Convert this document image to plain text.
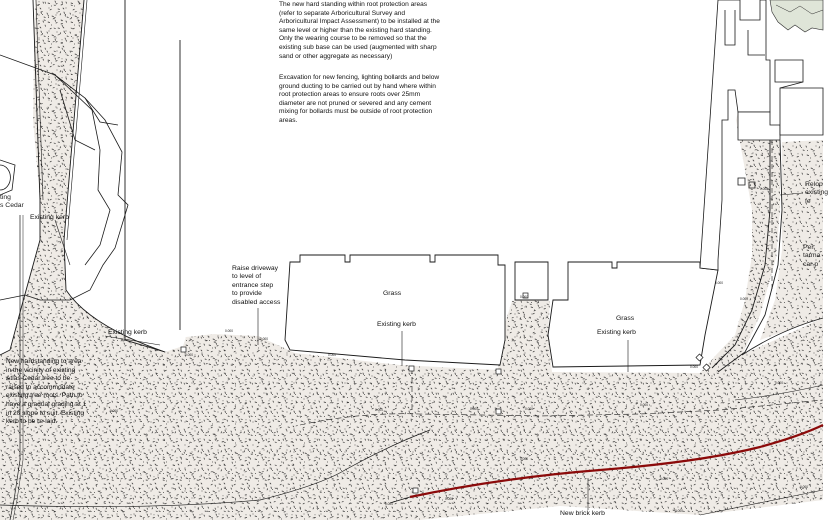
0.000
0.000
0.000	0.000
0.000
0.000
0.000
0.000	0.000	0.000
0.000
0.000
0.000
0.000
0.000
0.000
0.000
0.000
0.000
0.000
0.000
The new hard standing within root protection areas
(refer to separate Arboricultural Survey and
Arboricultural Impact Assessment) to be installed at the
same level or higher than the existing hard standing.
Only the wearing course to be removed so that the
existing sub base can be used (augmented with sharp
sand or other aggregate as necessary)
Excavation for new fencing, lighting bollards and below
ground ducting to be carried out by hand where within
root protection areas to ensure roots over 25mm
diameter are not pruned or severed and any cement
mixing for bollards must be outside of root protection
areas.
New hardstanding to area
in the vicinity of existing
Atlas Cedar tree to be
raised to accommodate
existing tree roots. Path to
have a gradual grading at 1
in 20 slope to suit. Existing
kerb to be re-laid.
Existing kerb
ting
s Cedar
Raise driveway
to level of
entrance step
to provide
disabled access
Existing kerb
Existing kerb
Existing kerb
Grass
Grass
New brick kerb
Relop
existing
fe
Per
tarma
car p
